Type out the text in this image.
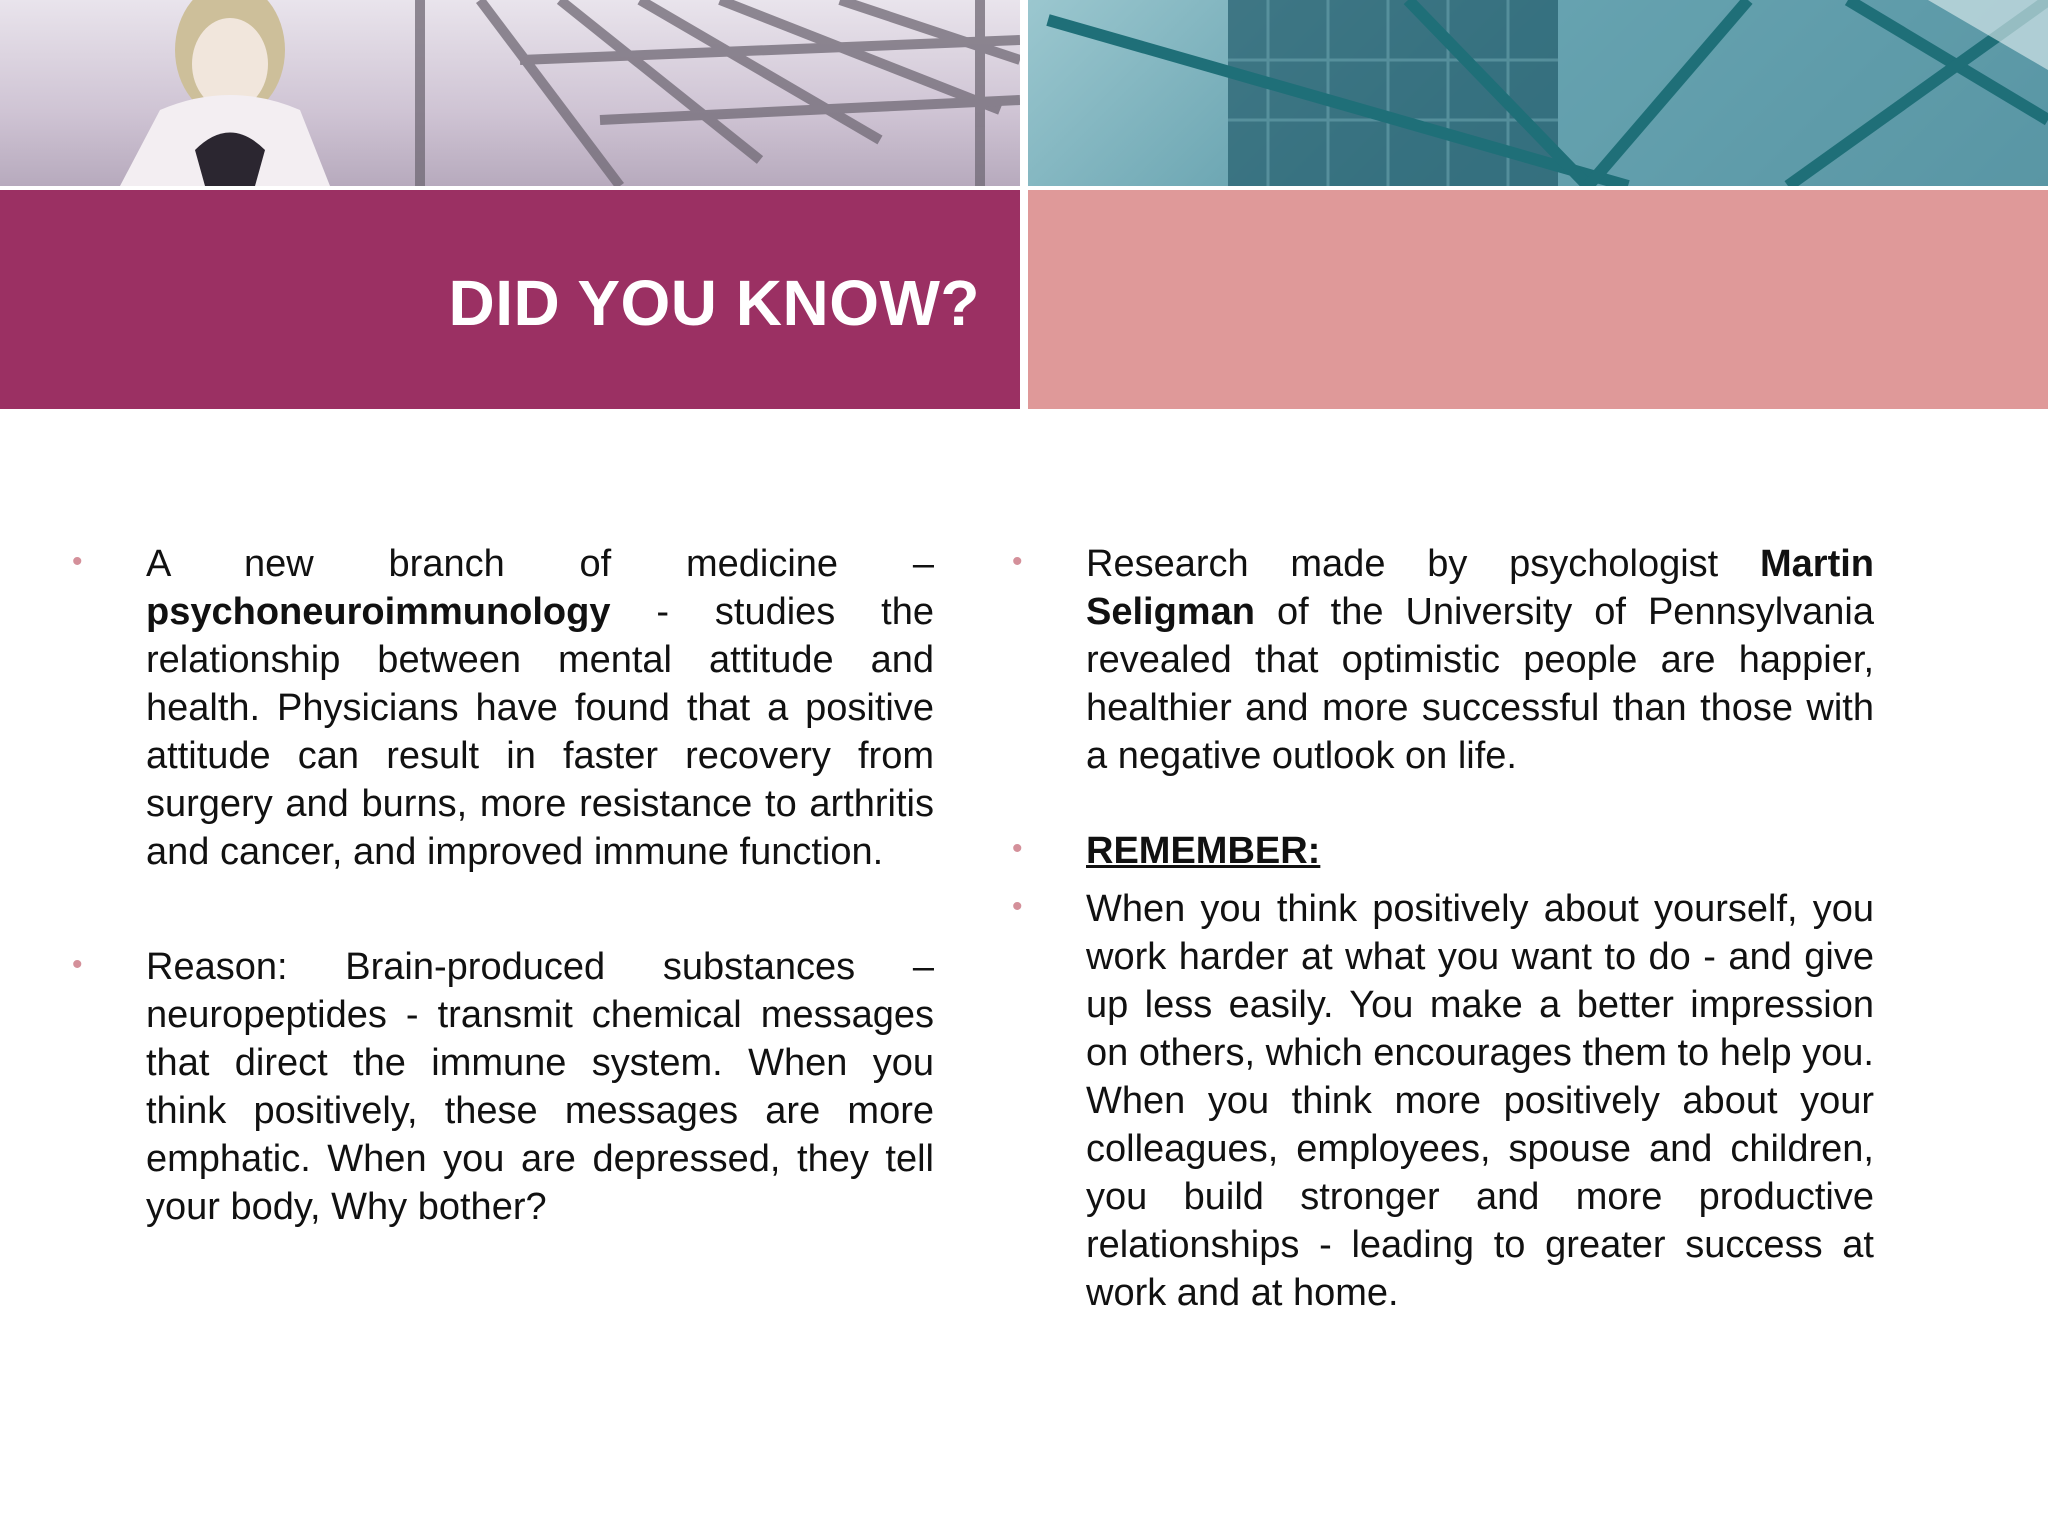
DID YOU KNOW?
• A new branch of medicine – psychoneuroimmunology - studies the relationship between mental attitude and health. Physicians have found that a positive attitude can result in faster recovery from surgery and burns, more resistance to arthritis and cancer, and improved immune function.
• Reason: Brain-produced substances – neuropeptides - transmit chemical messages that direct the immune system. When you think positively, these messages are more emphatic. When you are depressed, they tell your body, Why bother?
• Research made by psychologist Martin Seligman of the University of Pennsylvania revealed that optimistic people are happier, healthier and more successful than those with a negative outlook on life.
• REMEMBER:
• When you think positively about yourself, you work harder at what you want to do - and give up less easily. You make a better impression on others, which encourages them to help you. When you think more positively about your colleagues, employees, spouse and children, you build stronger and more productive relationships - leading to greater success at work and at home.
